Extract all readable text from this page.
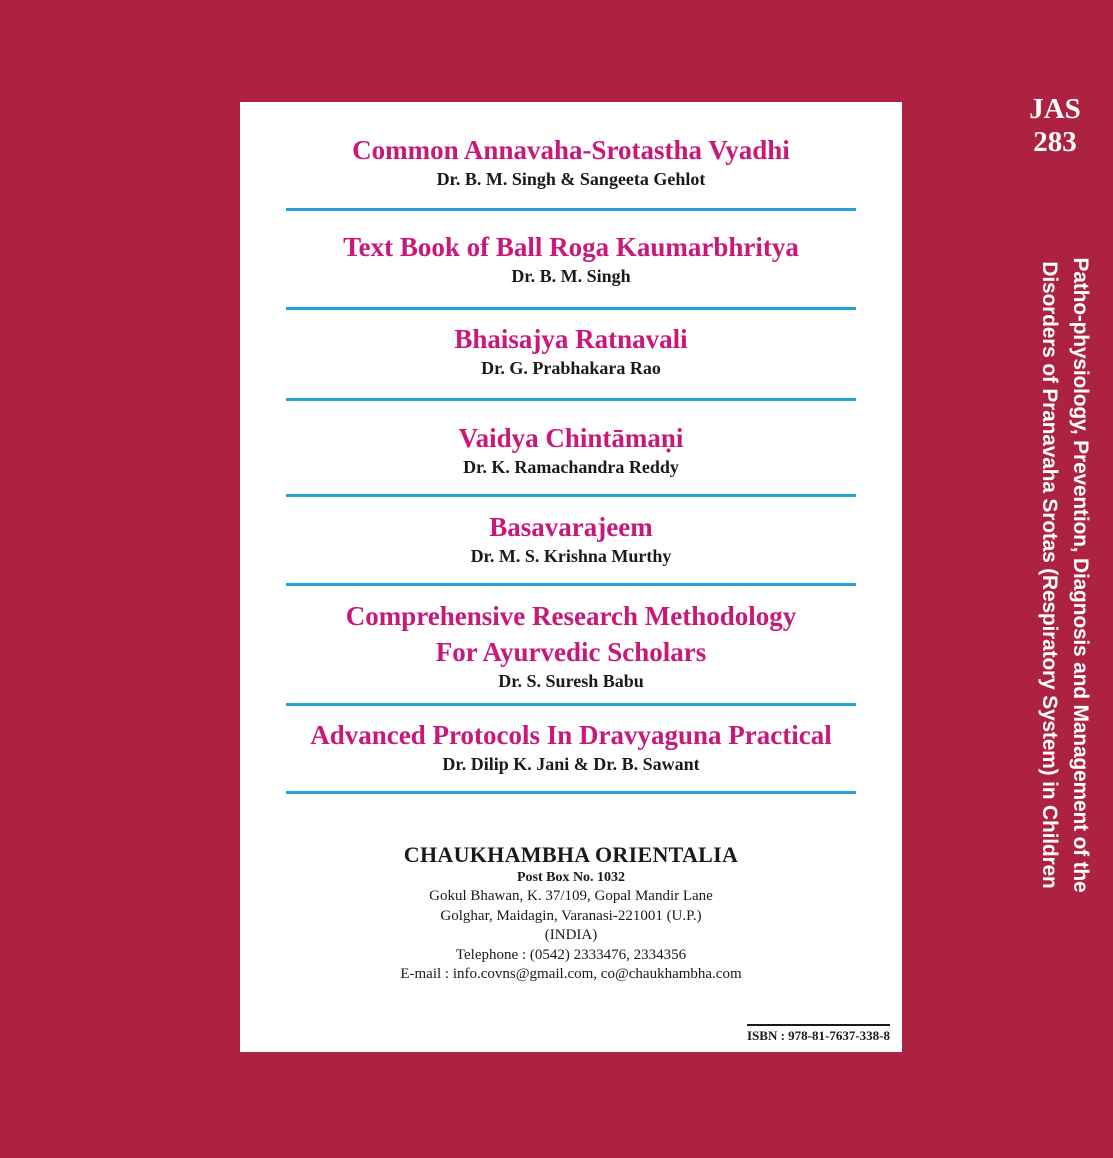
Common Annavaha-Srotastha Vyadhi
Dr. B. M. Singh & Sangeeta Gehlot
Text Book of Ball Roga Kaumarbhritya
Dr. B. M. Singh
Bhaisajya Ratnavali
Dr. G. Prabhakara Rao
Vaidya Chintāmaṇi
Dr. K. Ramachandra Reddy
Basavarajeem
Dr. M. S. Krishna Murthy
Comprehensive Research Methodology
For Ayurvedic Scholars
Dr. S. Suresh Babu
Advanced Protocols In Dravyaguna Practical
Dr. Dilip K. Jani & Dr. B. Sawant
CHAUKHAMBHA ORIENTALIA
Post Box No. 1032
Gokul Bhawan, K. 37/109, Gopal Mandir Lane
Golghar, Maidagin, Varanasi-221001 (U.P.)
(INDIA)
Telephone : (0542) 2333476, 2334356
E-mail : info.covns@gmail.com, co@chaukhambha.com
ISBN : 978-81-7637-338-8
JAS
283
Patho-physiology, Prevention, Diagnosis and Management of the
Disorders of Pranavaha Srotas (Respiratory System) in Children
